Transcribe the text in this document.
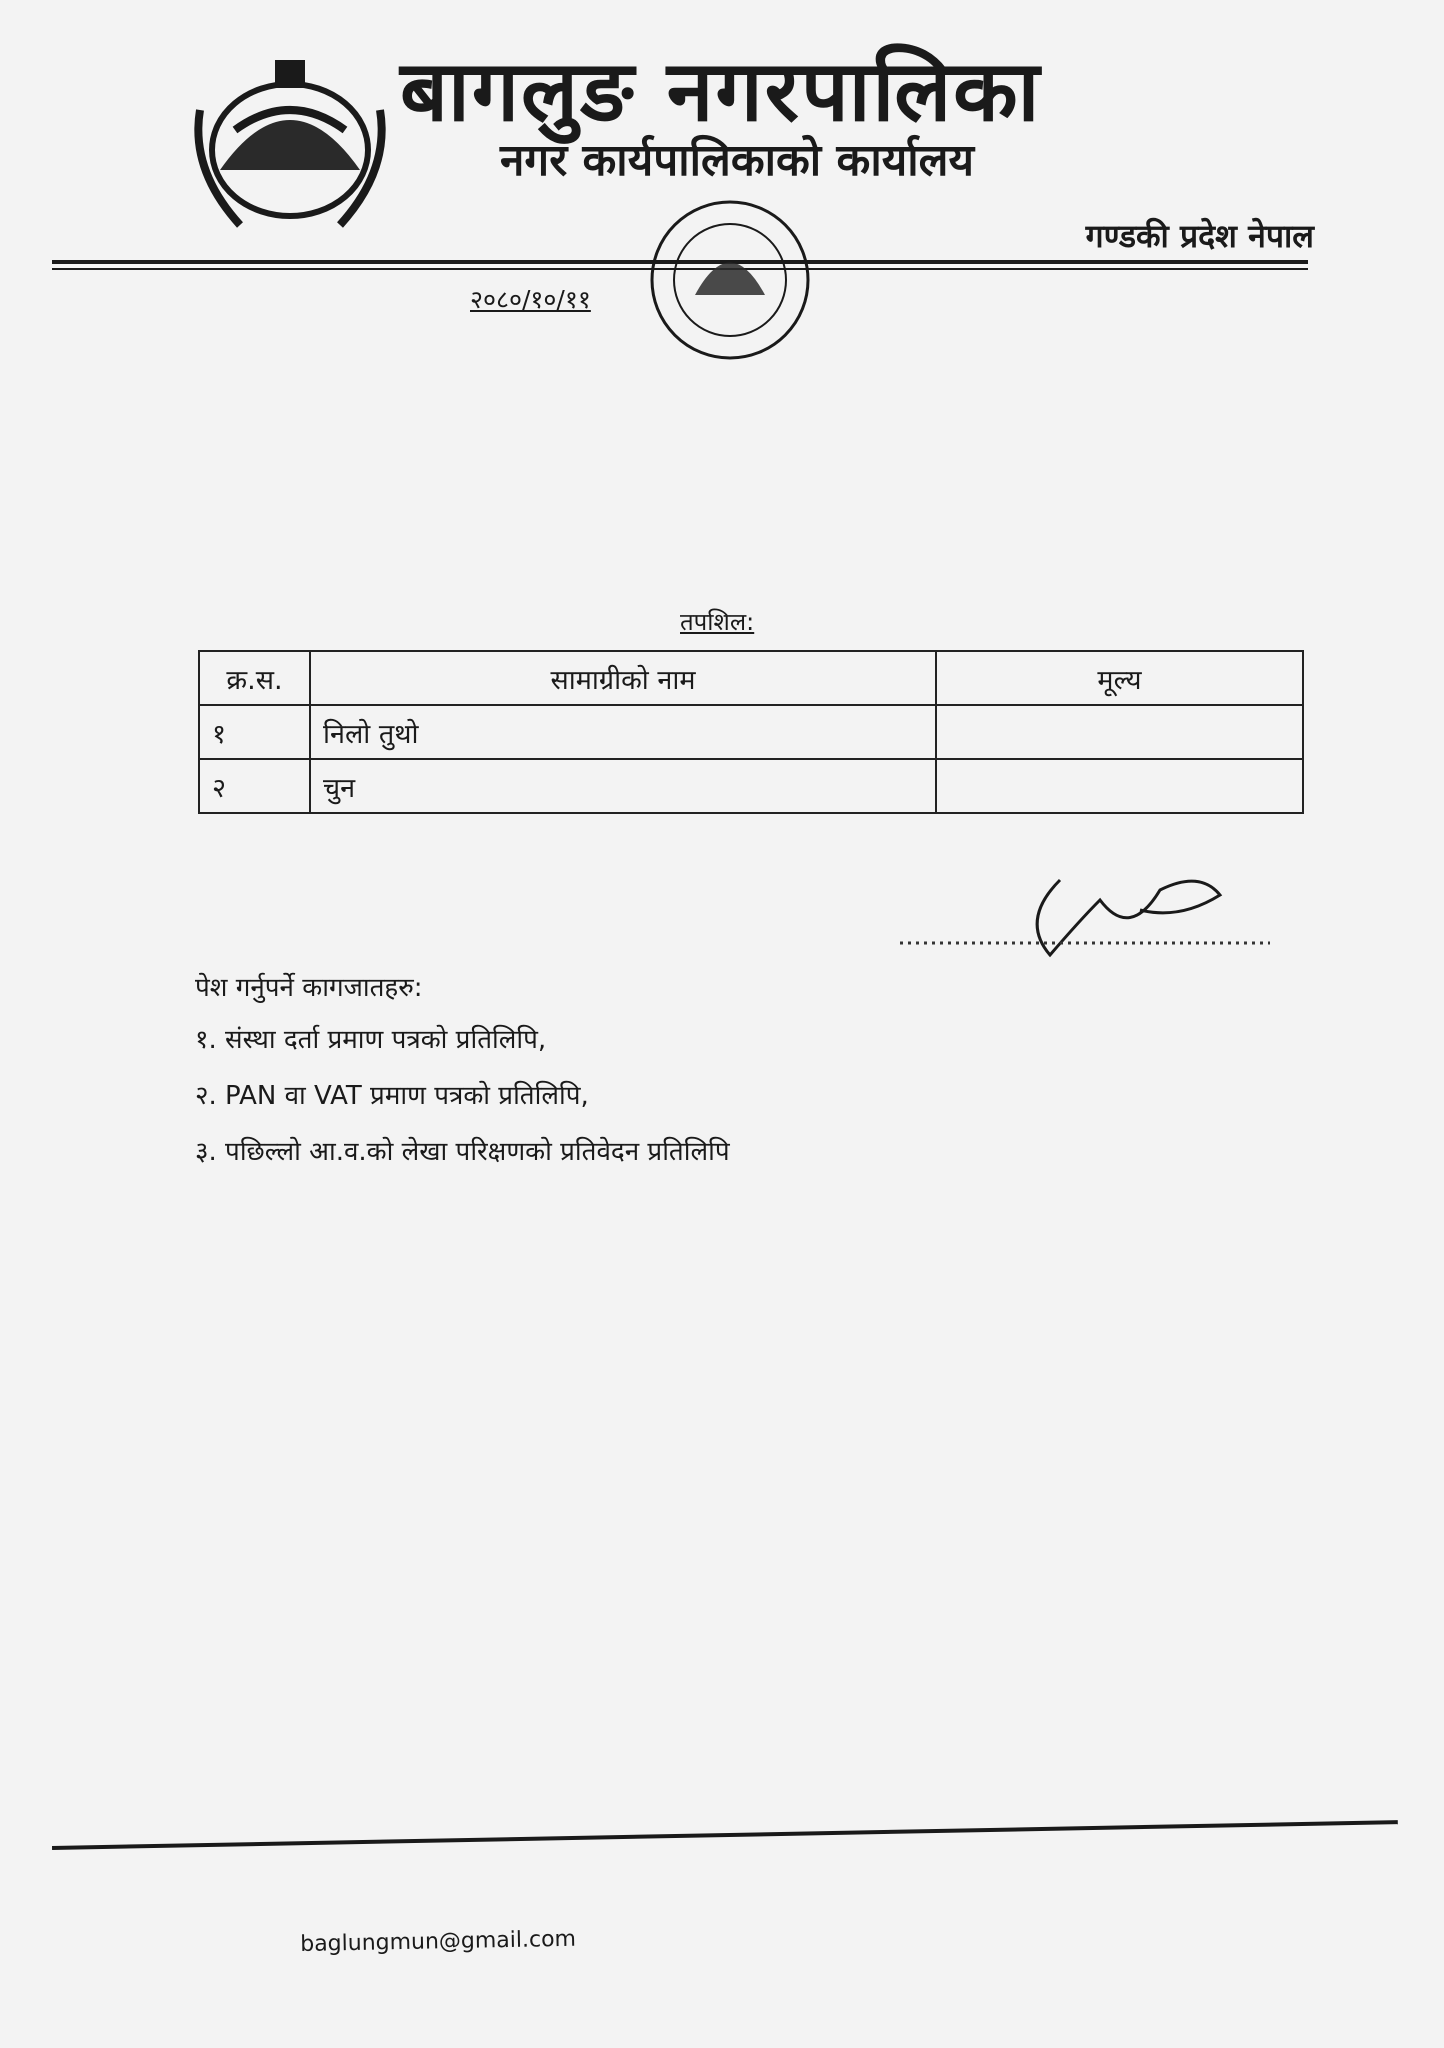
बागलुङ नगरपालिका
नगर कार्यपालिकाको कार्यालय
गण्डकी प्रदेश नेपाल
२०८०/१०/११
तपशिल:
क्र.स.	सामाग्रीको नाम	मूल्य
१	निलो तुथो	
२	चुन	
पेश गर्नुपर्ने कागजातहरु:
१. संस्था दर्ता प्रमाण पत्रको प्रतिलिपि,
२. PAN वा VAT प्रमाण पत्रको प्रतिलिपि,
३. पछिल्लो आ.व.को लेखा परिक्षणको प्रतिवेदन प्रतिलिपि
baglungmun@gmail.com
